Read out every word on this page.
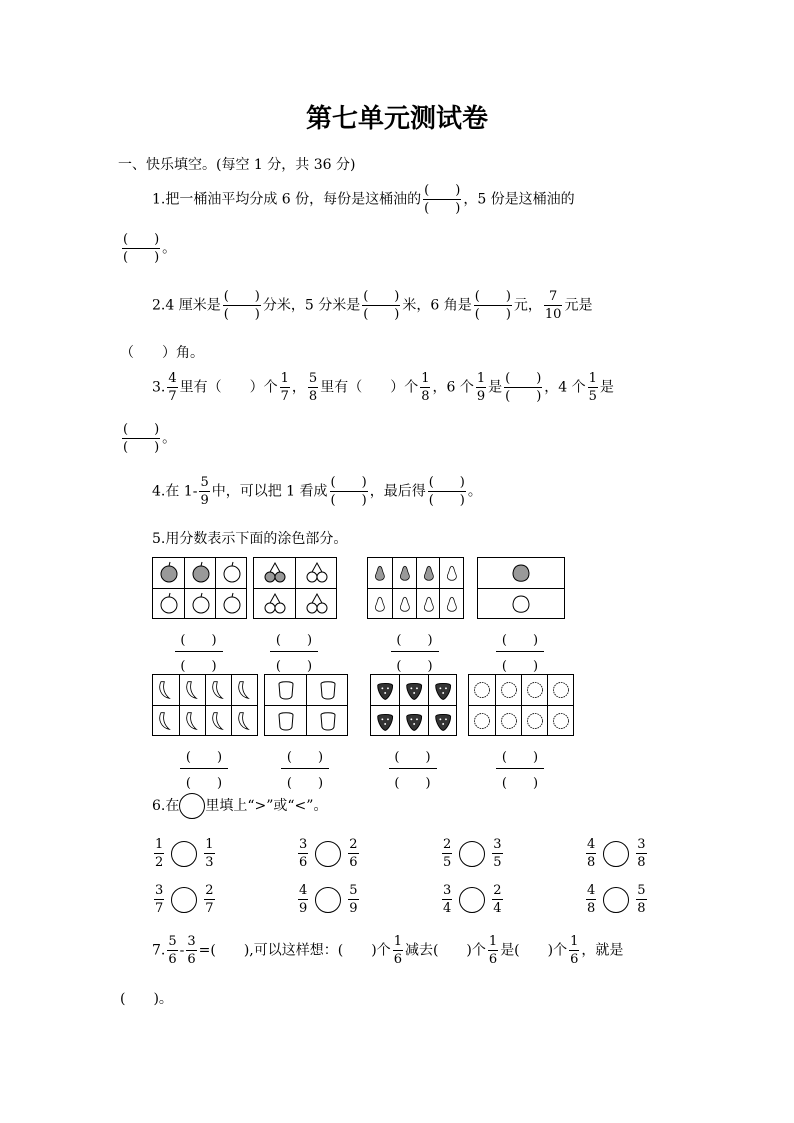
第七单元测试卷
一、快乐填空。(每空 1 分，共 36 分)
1.把一桶油平均分成 6 份，每份是这桶油的 $\frac{( )}{( )}$ ，5 份是这桶油的
$\frac{( )}{( )}$ 。
2.4 厘米是 $\frac{( )}{( )}$ 分米，5 分米是 $\frac{( )}{( )}$ 米，6 角是 $\frac{( )}{( )}$ 元， $\frac{7}{10}$ 元是
（　　）角。
3. $\frac{4}{7}$ 里有（　　）个 $\frac{1}{7}$ ， $\frac{5}{8}$ 里有（　　）个 $\frac{1}{8}$ ，6 个 $\frac{1}{9}$ 是 $\frac{( )}{( )}$ ，4 个 $\frac{1}{5}$ 是
$\frac{( )}{( )}$ 。
4.在 $1- \frac{5}{9}$ 中，可以把 1 看成 $\frac{( )}{( )}$ ，最后得 $\frac{( )}{( )}$ 。
5.用分数表示下面的涂色部分。
(　　)
(　　)
(　　)
(　　)
(　　)
(　　)
(　　)
(　　)
(　　)
(　　)
(　　)
(　　)
(　　)
(　　)
(　　)
(　　)
6.在 里填上“>”或“<”。
$\frac{1}{2}$	$\frac{1}{3}$	$\frac{3}{6}$	$\frac{2}{6}$	$\frac{2}{5}$	$\frac{3}{5}$	$\frac{4}{8}$	$\frac{3}{8}$
$\frac{3}{7}$	$\frac{2}{7}$	$\frac{4}{9}$	$\frac{5}{9}$	$\frac{3}{4}$	$\frac{2}{4}$	$\frac{4}{8}$	$\frac{5}{8}$
7. $\frac{5}{6} - \frac{3}{6}$ =(　　),可以这样想：(　　)个 $\frac{1}{6}$ 减去(　　)个 $\frac{1}{6}$ 是(　　)个 $\frac{1}{6}$ ，就是
(　　)。
